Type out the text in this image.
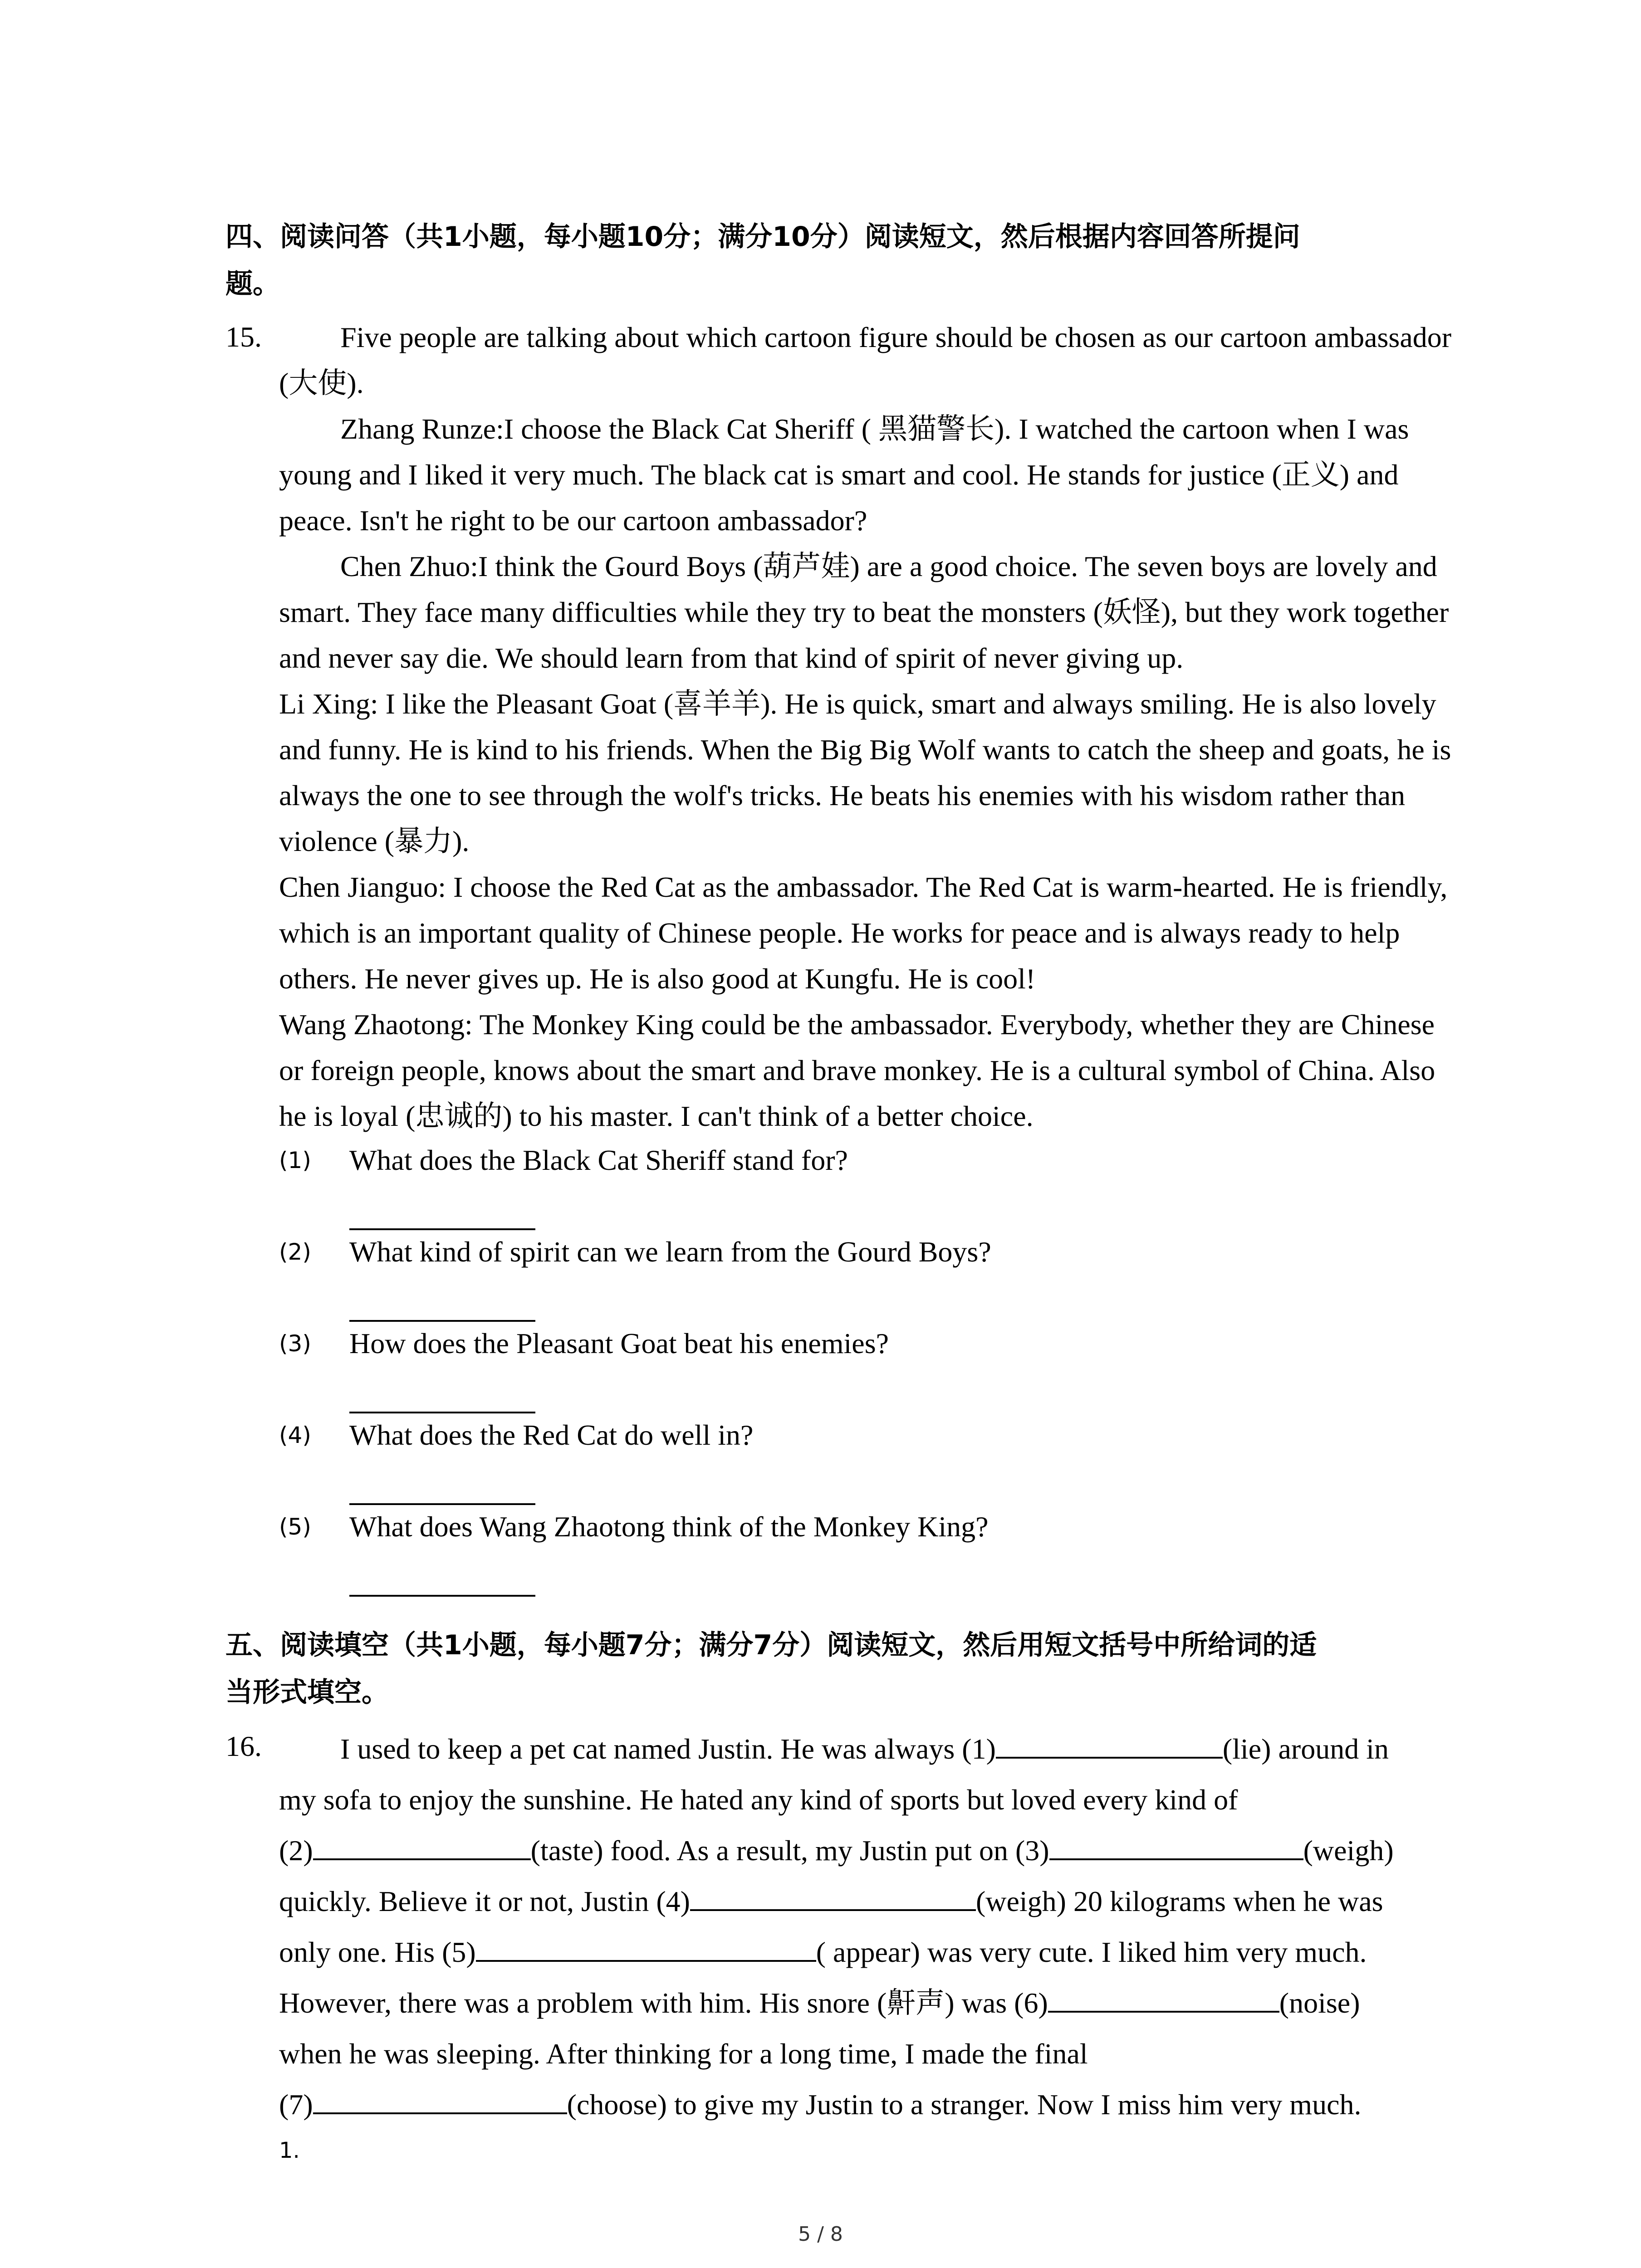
四、阅读问答（共1小题，每小题10分；满分10分）阅读短文，然后根据内容回答所提问
题。
15.	Five people are talking about which cartoon figure should be chosen as our cartoon ambassador (大使).

Zhang Runze:I choose the Black Cat Sheriff ( 黑猫警长). I watched the cartoon when I was young and I liked it very much. The black cat is smart and cool. He stands for justice (正义) and peace. Isn't he right to be our cartoon ambassador?

Chen Zhuo:I think the Gourd Boys (葫芦娃) are a good choice. The seven boys are lovely and smart. They face many difficulties while they try to beat the monsters (妖怪), but they work together and never say die. We should learn from that kind of spirit of never giving up.

Li Xing: I like the Pleasant Goat (喜羊羊). He is quick, smart and always smiling. He is also lovely and funny. He is kind to his friends. When the Big Big Wolf wants to catch the sheep and goats, he is always the one to see through the wolf's tricks. He beats his enemies with his wisdom rather than violence (暴力).

Chen Jianguo: I choose the Red Cat as the ambassador. The Red Cat is warm-hearted. He is friendly, which is an important quality of Chinese people. He works for peace and is always ready to help others. He never gives up. He is also good at Kungfu. He is cool!

Wang Zhaotong: The Monkey King could be the ambassador. Everybody, whether they are Chinese or foreign people, knows about the smart and brave monkey. He is a cultural symbol of China. Also he is loyal (忠诚的) to his master. I can't think of a better choice.

(1) What does the Black Cat Sheriff stand for?
(2) What kind of spirit can we learn from the Gourd Boys?
(3) How does the Pleasant Goat beat his enemies?
(4) What does the Red Cat do well in?
(5) What does Wang Zhaotong think of the Monkey King?
五、阅读填空（共1小题，每小题7分；满分7分）阅读短文，然后用短文括号中所给词的适
当形式填空。
16.	I used to keep a pet cat named Justin. He was always (1)	(lie) around in

my sofa to enjoy the sunshine. He hated any kind of sports but loved every kind of

(2)	(taste) food. As a result, my Justin put on (3)	(weigh)

quickly. Believe it or not, Justin (4)	(weigh) 20 kilograms when he was

only one. His (5)	( appear) was very cute. I liked him very much.

However, there was a problem with him. His snore (鼾声) was (6)	(noise)

when he was sleeping. After thinking for a long time, I made the final

(7)	(choose) to give my Justin to a stranger. Now I miss him very much.

1.

5 / 8
